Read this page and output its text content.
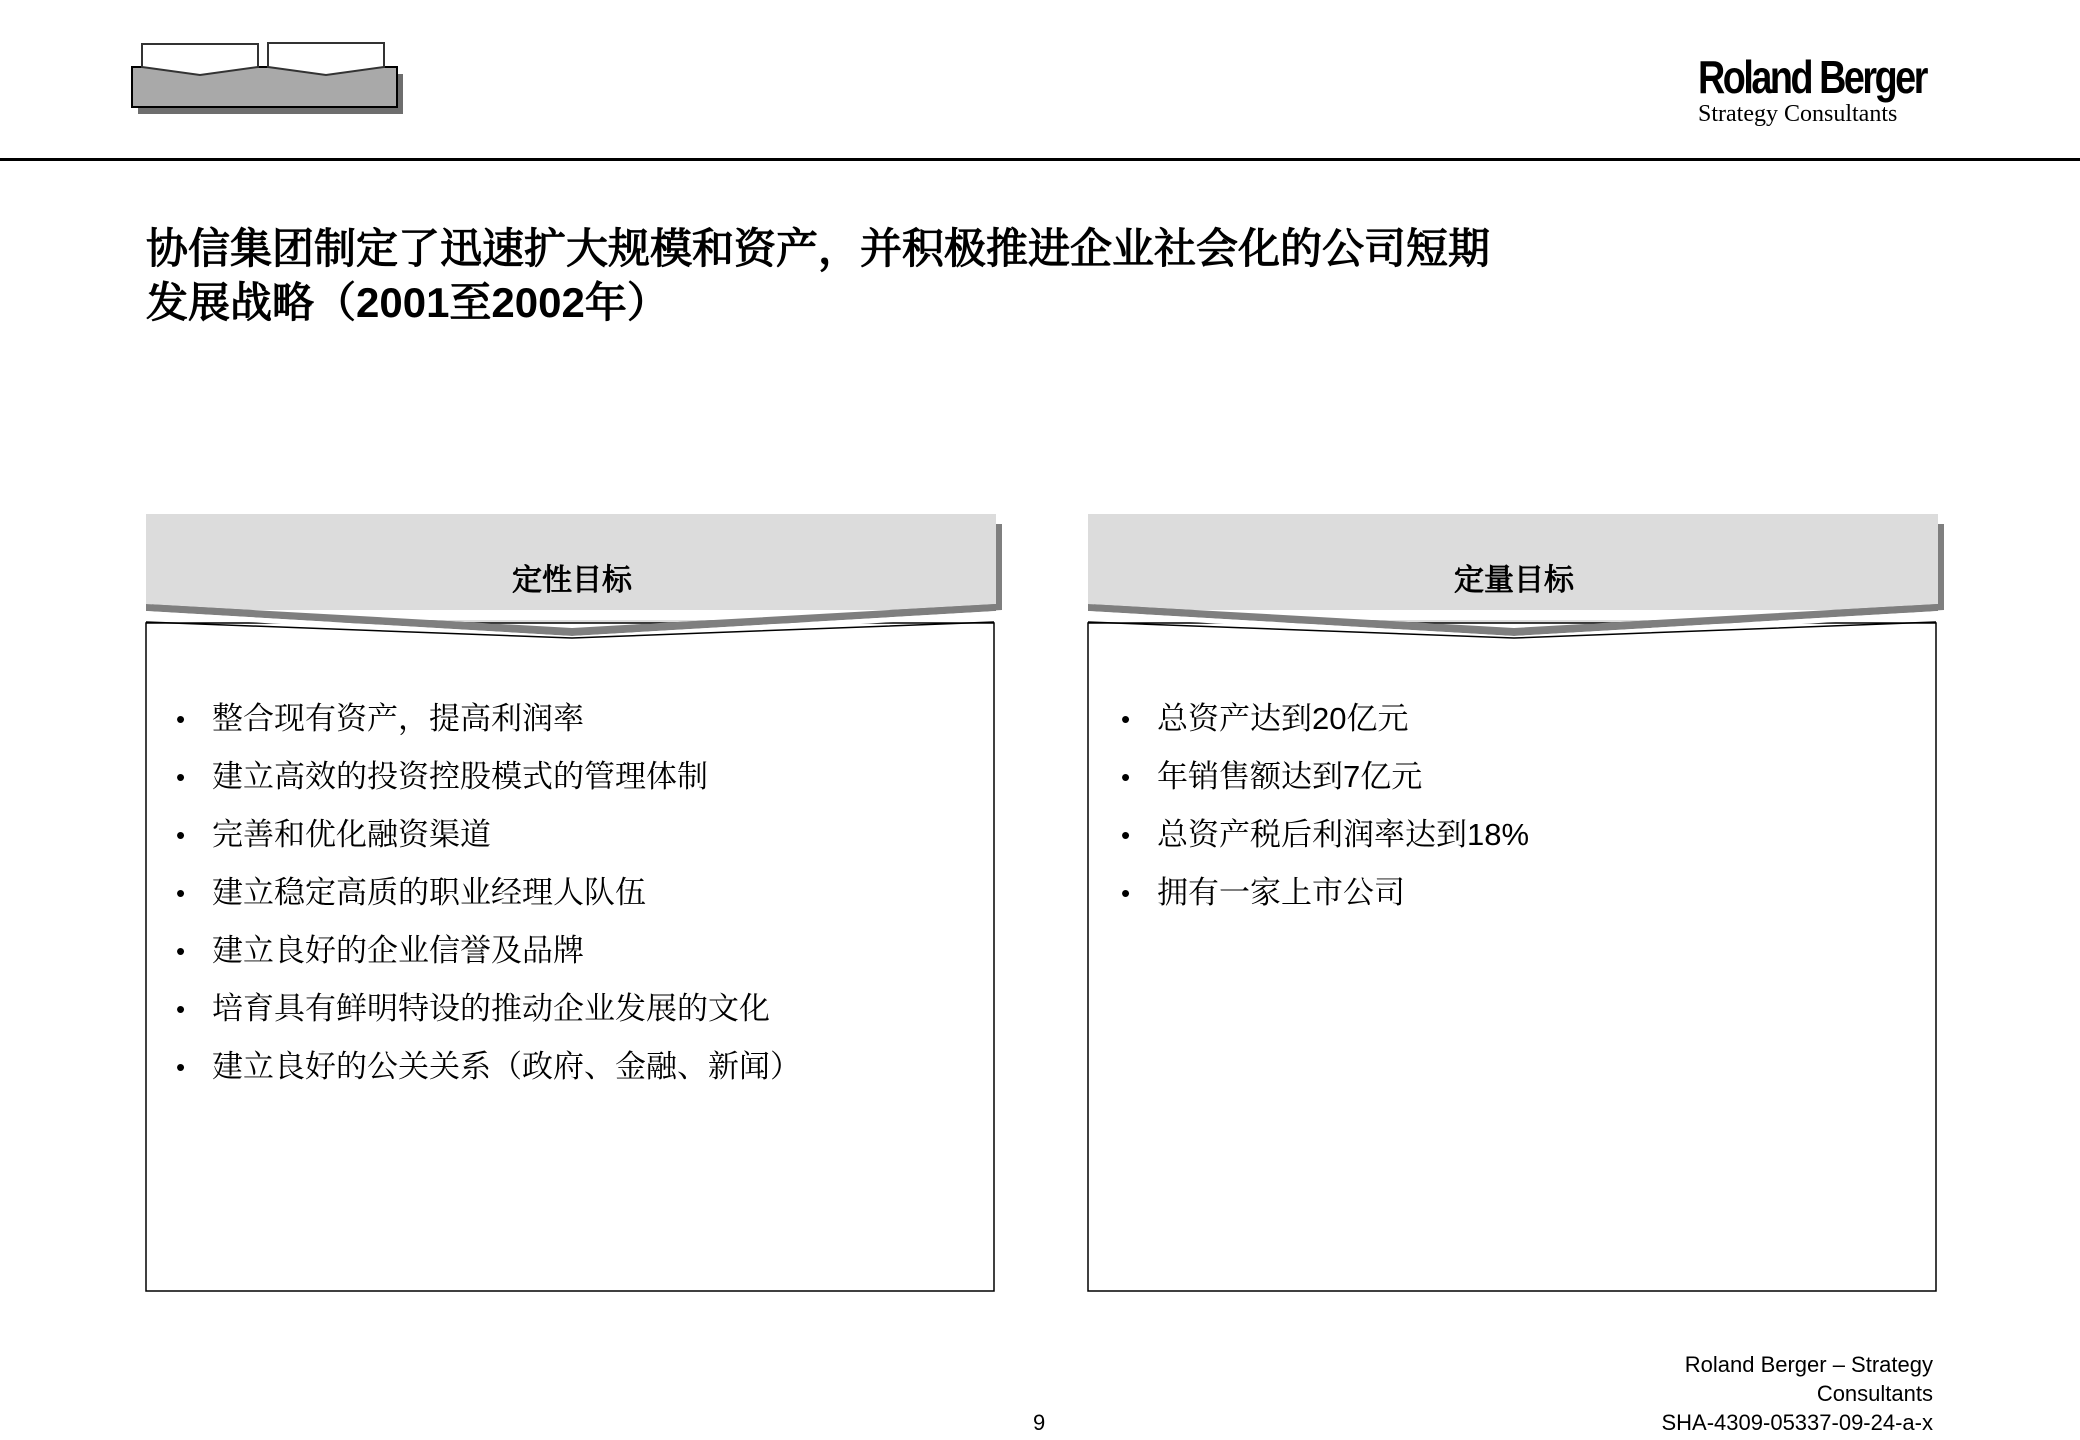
Roland Berger
Strategy Consultants
协信集团制定了迅速扩大规模和资产，并积极推进企业社会化的公司短期
发展战略（2001至2002年）
定性目标
• 整合现有资产，提高利润率
• 建立高效的投资控股模式的管理体制
• 完善和优化融资渠道
• 建立稳定高质的职业经理人队伍
• 建立良好的企业信誉及品牌
• 培育具有鲜明特设的推动企业发展的文化
• 建立良好的公关关系（政府、金融、新闻）
定量目标
• 总资产达到20亿元
• 年销售额达到7亿元
• 总资产税后利润率达到18%
• 拥有一家上市公司
Roland Berger – Strategy
Consultants
SHA-4309-05337-09-24-a-x
9
